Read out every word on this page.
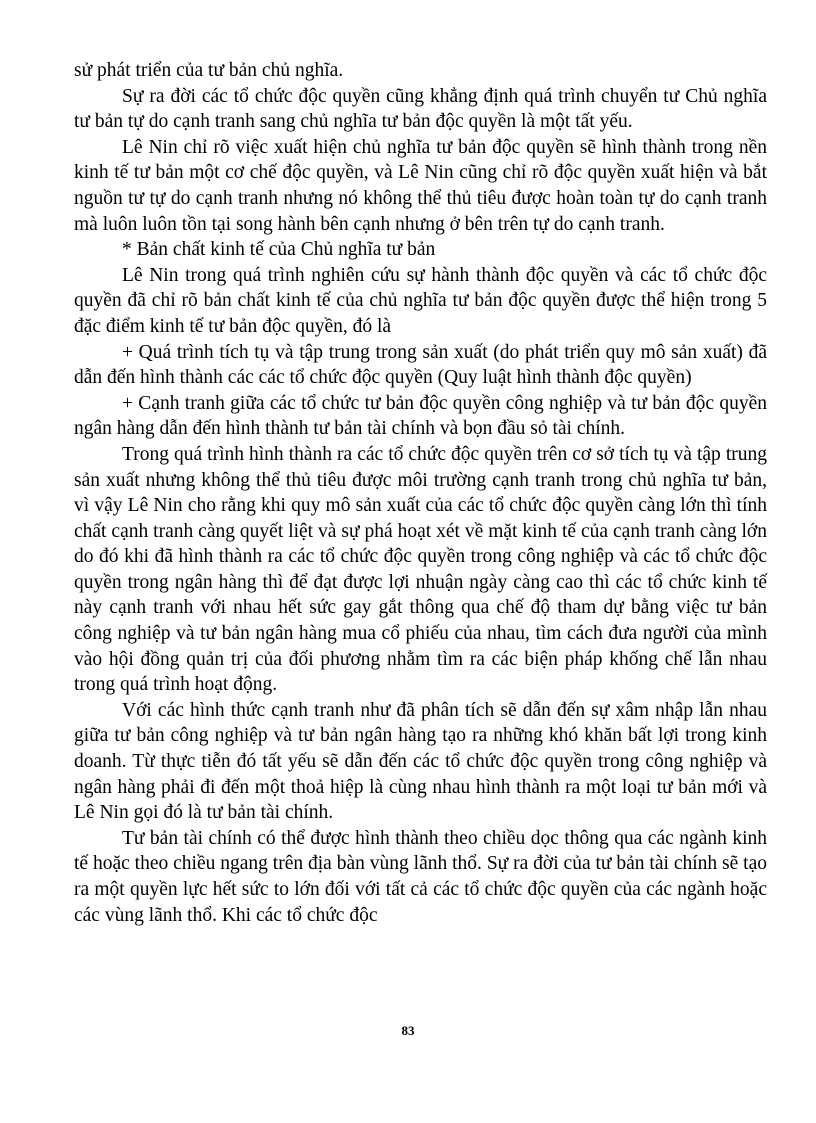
sử phát triển của tư bản chủ nghĩa.

Sự ra đời các tổ chức độc quyền cũng khẳng định quá trình chuyển tư Chủ nghĩa tư bản tự do cạnh tranh sang chủ nghĩa tư bản độc quyền là một tất yếu.

Lê Nin chỉ rõ việc xuất hiện chủ nghĩa tư bản độc quyền sẽ hình thành trong nền kinh tế tư bản một cơ chế độc quyền, và Lê Nin cũng chỉ rõ độc quyền xuất hiện và bắt nguồn tư tự do cạnh tranh nhưng nó không thể thủ tiêu được hoàn toàn tự do cạnh tranh mà luôn luôn tồn tại song hành bên cạnh nhưng ở bên trên tự do cạnh tranh.

* Bản chất kinh tế của Chủ nghĩa tư bản

Lê Nin trong quá trình nghiên cứu sự hành thành độc quyền và các tổ chức độc quyền đã chỉ rõ bản chất kinh tế của chủ nghĩa tư bản độc quyền được thể hiện trong 5 đặc điểm kinh tế tư bản độc quyền, đó là

+ Quá trình tích tụ và tập trung trong sản xuất (do phát triển quy mô sản xuất) đã dẫn đến hình thành các các tổ chức độc quyền (Quy luật hình thành độc quyền)

+ Cạnh tranh giữa các tổ chức tư bản độc quyền công nghiệp và tư bản độc quyền ngân hàng dẫn đến hình thành tư bản tài chính và bọn đầu sỏ tài chính.

Trong quá trình hình thành ra các tổ chức độc quyền trên cơ sở tích tụ và tập trung sản xuất nhưng không thể thủ tiêu được môi trường cạnh tranh trong chủ nghĩa tư bản, vì vậy Lê Nin cho rằng khi quy mô sản xuất của các tổ chức độc quyền càng lớn thì tính chất cạnh tranh càng quyết liệt và sự phá hoạt xét về mặt kinh tế của cạnh tranh càng lớn do đó khi đã hình thành ra các tổ chức độc quyền trong công nghiệp và các tổ chức độc quyền trong ngân hàng thì để đạt được lợi nhuận ngày càng cao thì các tổ chức kinh tế này cạnh tranh với nhau hết sức gay gắt thông qua chế độ tham dự bằng việc tư bản công nghiệp và tư bản ngân hàng mua cổ phiếu của nhau, tìm cách đưa người của mình vào hội đồng quản trị của đối phương nhằm tìm ra các biện pháp khống chế lẫn nhau trong quá trình hoạt động.

Với các hình thức cạnh tranh như đã phân tích sẽ dẫn đến sự xâm nhập lẫn nhau giữa tư bản công nghiệp và tư bản ngân hàng tạo ra những khó khăn bất lợi trong kinh doanh. Từ thực tiễn đó tất yếu sẽ dẫn đến các tổ chức độc quyền trong công nghiệp và ngân hàng phải đi đến một thoả hiệp là cùng nhau hình thành ra một loại tư bản mới và Lê Nin gọi đó là tư bản tài chính.

Tư bản tài chính có thể được hình thành theo chiều dọc thông qua các ngành kinh tế hoặc theo chiều ngang trên địa bàn vùng lãnh thổ. Sự ra đời của tư bản tài chính sẽ tạo ra một quyền lực hết sức to lớn đối với tất cả các tổ chức độc quyền của các ngành hoặc các vùng lãnh thổ. Khi các tổ chức độc

83
